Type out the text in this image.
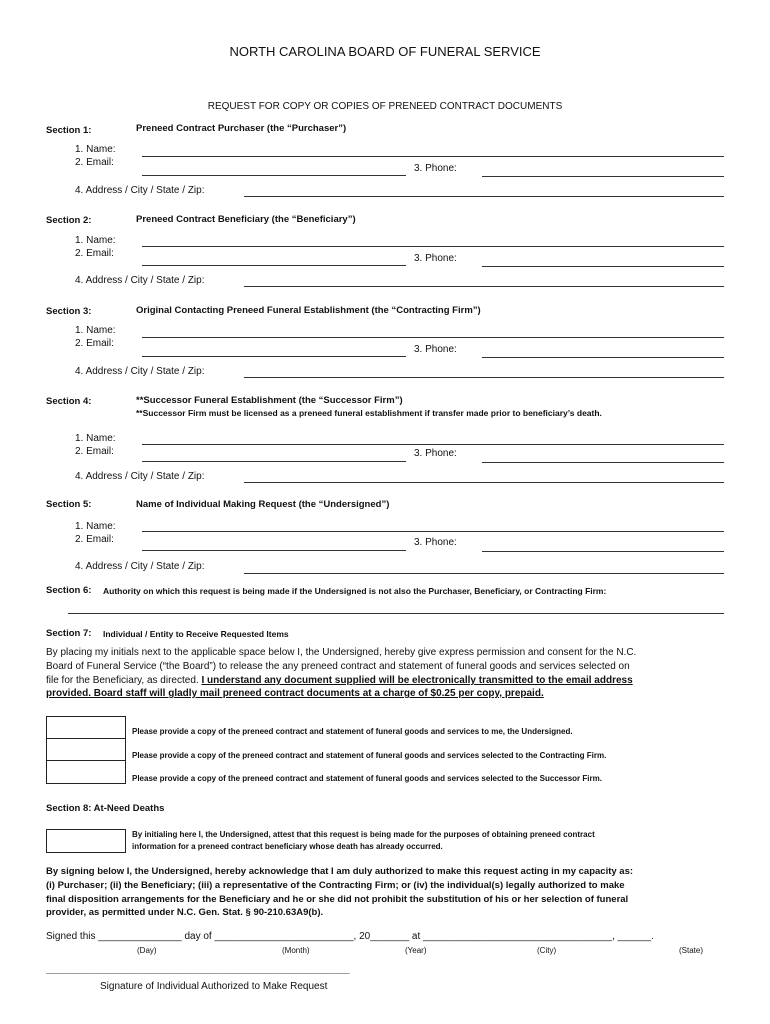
NORTH CAROLINA BOARD OF FUNERAL SERVICE
REQUEST FOR COPY OR COPIES OF PRENEED CONTRACT DOCUMENTS
Section 1:	Preneed Contract Purchaser (the “Purchaser”)
1. Name:
2. Email:
3. Phone:
4. Address / City / State / Zip:
Section 2:	Preneed Contract Beneficiary (the “Beneficiary”)
1. Name:
2. Email:	3. Phone:
4. Address / City / State / Zip:
Section 3:	Original Contacting Preneed Funeral Establishment (the “Contracting Firm”)
1. Name:
2. Email:
3. Phone:
4. Address / City / State / Zip:
Section 4:	**Successor Funeral Establishment (the “Successor Firm”)
**Successor Firm must be licensed as a preneed funeral establishment if transfer made prior to beneficiary’s death.
1. Name:
2. Email:	3. Phone:
4. Address / City / State / Zip:
Section 5:	Name of Individual Making Request (the “Undersigned”)
1. Name:
2. Email:	3. Phone:
4. Address / City / State / Zip:
Section 6: Authority on which this request is being made if the Undersigned is not also the Purchaser, Beneficiary, or Contracting Firm:
Section 7: Individual / Entity to Receive Requested Items
By placing my initials next to the applicable space below I, the Undersigned, hereby give express permission and consent for the N.C.
Board of Funeral Service (“the Board”) to release the any preneed contract and statement of funeral goods and services selected on
file for the Beneficiary, as directed. I understand any document supplied will be electronically transmitted to the email address
provided. Board staff will gladly mail preneed contract documents at a charge of $0.25 per copy, prepaid.
Please provide a copy of the preneed contract and statement of funeral goods and services to me, the Undersigned.
Please provide a copy of the preneed contract and statement of funeral goods and services selected to the Contracting Firm.
Please provide a copy of the preneed contract and statement of funeral goods and services selected to the Successor Firm.
Section 8: At-Need Deaths
By initialing here I, the Undersigned, attest that this request is being made for the purposes of obtaining preneed contract
information for a preneed contract beneficiary whose death has already occurred.
By signing below I, the Undersigned, hereby acknowledge that I am duly authorized to make this request acting in my capacity as:
(i) Purchaser; (ii) the Beneficiary; (iii) a representative of the Contracting Firm; or (iv) the individual(s) legally authorized to make
final disposition arrangements for the Beneficiary and he or she did not prohibit the substitution of his or her selection of funeral
provider, as permitted under N.C. Gen. Stat. § 90-210.63A9(b).
Signed this _______________ day of _________________________, 20_______ at __________________________________, ______.
(Day)	(Month)	(Year)	(City)	(State)
______________________________________________________________________________
Signature of Individual Authorized to Make Request
